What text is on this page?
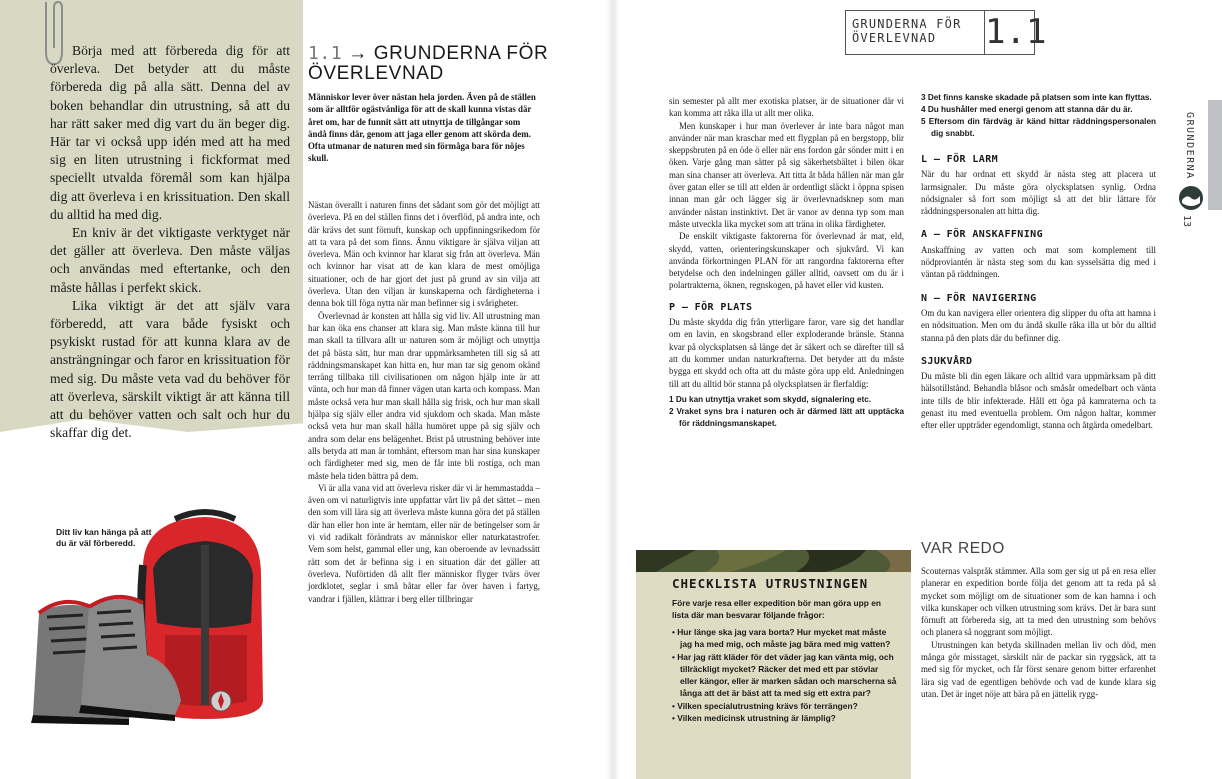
Börja med att förbereda dig för att överleva. Det betyder att du måste förbereda dig på alla sätt. Denna del av boken behandlar din utrustning, så att du har rätt saker med dig vart du än beger dig. Här tar vi också upp idén med att ha med sig en liten utrustning i fickformat med speciellt utvalda föremål som kan hjälpa dig att överleva i en krissituation. Den skall du alltid ha med dig.

En kniv är det viktigaste verktyget när det gäller att överleva. Den måste väljas och användas med eftertanke, och den måste hållas i perfekt skick.

Lika viktigt är det att själv vara förberedd, att vara både fysiskt och psykiskt rustad för att kunna klara av de ansträngningar och faror en krissituation för med sig. Du måste veta vad du behöver för att överleva, särskilt viktigt är att känna till att du behöver vatten och salt och hur du skaffar dig det.

Ditt liv kan hänga på att du är väl förberedd.
1.1 → GRUNDERNA FÖR
ÖVERLEVNAD
Människor lever över nästan hela jorden. Även på de ställen som är alltför ogästvänliga för att de skall kunna vistas där året om, har de funnit sätt att utnyttja de tillgångar som ändå finns där, genom att jaga eller genom att skörda dem. Ofta utmanar de naturen med sin förmåga bara för nöjes skull.

Nästan överallt i naturen finns det sådant som gör det möjligt att överleva. På en del ställen finns det i överflöd, på andra inte, och där krävs det sunt förnuft, kunskap och uppfinningsrikedom för att ta vara på det som finns. Ännu viktigare är själva viljan att överleva. Män och kvinnor har klarat sig från att överleva. Män och kvinnor har visat att de kan klara de mest omöjliga situationer, och de har gjort det just på grund av sin vilja att överleva. Utan den viljan är kunskaperna och färdigheterna i denna bok till föga nytta när man befinner sig i svårigheter.

Överlevnad är konsten att hålla sig vid liv. All utrustning man har kan öka ens chanser att klara sig. Man måste känna till hur man skall ta tillvara allt ur naturen som är möjligt och utnyttja det på bästa sätt, hur man drar uppmärksamheten till sig så att räddningsmanskapet kan hitta en, hur man tar sig genom okänd terräng tillbaka till civilisationen om någon hjälp inte är att vänta, och hur man då finner vägen utan karta och kompass. Man måste också veta hur man skall hålla sig frisk, och hur man skall hjälpa sig själv eller andra vid sjukdom och skada. Man måste också veta hur man skall hålla humöret uppe på sig själv och andra som delar ens belägenhet. Brist på utrustning behöver inte alls betyda att man är tomhänt, eftersom man har sina kunskaper och färdigheter med sig, men de får inte bli rostiga, och man måste hela tiden bättra på dem.

Vi är alla vana vid att överleva risker där vi är hemmastadda – även om vi naturligtvis inte uppfattar vårt liv på det sättet – men den som vill lära sig att överleva måste kunna göra det på ställen där han eller hon inte är hemtam, eller när de betingelser som är vi vid radikalt förändrats av människor eller naturkatastrofer. Vem som helst, gammal eller ung, kan oberoende av levnadssätt rätt som det är befinna sig i en situation där det gäller att överleva. Nuförtiden då allt fler människor flyger tvärs över jordklotet, seglar i små båtar eller far över haven i fartyg, vandrar i fjällen, klättrar i berg eller tillbringar

sin semester på allt mer exotiska platser, är de situationer där vi kan komma att råka illa ut allt mer olika.

Men kunskaper i hur man överlever är inte bara något man använder när man kraschar med ett flygplan på en bergstopp, blir skeppsbruten på en öde ö eller när ens fordon går sönder mitt i en öken. Varje gång man sätter på sig säkerhetsbältet i bilen ökar man sina chanser att överleva. Att titta åt båda hållen när man går över gatan eller se till att elden är ordentligt släckt i öppna spisen innan man går och lägger sig är överlevnadsknep som man använder nästan instinktivt. Det är vanor av denna typ som man måste utveckla lika mycket som att träna in olika färdigheter.

De enskilt viktigaste faktorerna för överlevnad är mat, eld, skydd, vatten, orienteringskunskaper och sjukvård. Vi kan använda förkortningen PLAN för att rangordna faktorerna efter betydelse och den indelningen gäller alltid, oavsett om du är i polartrakterna, öknen, regnskogen, på havet eller vid kusten.

P – FÖR PLATS

Du måste skydda dig från ytterligare faror, vare sig det handlar om en lavin, en skogsbrand eller exploderande bränsle. Stanna kvar på olycksplatsen så länge det är säkert och se därefter till så att du kommer undan naturkrafterna. Det betyder att du måste bygga ett skydd och ofta att du måste göra upp eld. Anledningen till att du alltid bör stanna på olycksplatsen är flerfaldig:

1 Du kan utnyttja vraket som skydd, signalering etc.
2 Vraket syns bra i naturen och är därmed lätt att upptäcka för räddningsmanskapet.
GRUNDERNA FÖR
ÖVERLEVNAD	1.1
GRUNDERNA
13
3 Det finns kanske skadade på platsen som inte kan flyttas.
4 Du hushåller med energi genom att stanna där du är.
5 Eftersom din färdväg är känd hittar räddningspersonalen dig snabbt.
L – FÖR LARM

När du har ordnat ett skydd är nästa steg att placera ut larmsignaler. Du måste göra olycksplatsen synlig. Ordna nödsignaler så fort som möjligt så att det blir lättare för räddningspersonalen att hitta dig.

A – FÖR ANSKAFFNING

Anskaffning av vatten och mat som komplement till nödproviantén är nästa steg som du kan sysselsätta dig med i väntan på räddningen.

N – FÖR NAVIGERING

Om du kan navigera eller orientera dig slipper du ofta att hamna i en nödsituation. Men om du ändå skulle råka illa ut bör du alltid stanna på den plats där du befinner dig.

SJUKVÅRD

Du måste bli din egen läkare och alltid vara uppmärksam på ditt hälsotillstånd. Behandla blåsor och småsår omedelbart och vänta inte tills de blir infekterade. Håll ett öga på kamraterna och ta genast itu med eventuella problem. Om någon haltar, kommer efter eller uppträder egendomligt, stanna och åtgärda omedelbart.

CHECKLISTA UTRUSTNINGEN
Före varje resa eller expedition bör man göra upp en lista där man besvarar följande frågor:
• Hur länge ska jag vara borta? Hur mycket mat måste jag ha med mig, och måste jag bära med mig vatten?
• Har jag rätt kläder för det väder jag kan vänta mig, och tillräckligt mycket? Räcker det med ett par stövlar eller kängor, eller är marken sådan och marscherna så långa att det är bäst att ta med sig ett extra par?
• Vilken specialutrustning krävs för terrängen?
• Vilken medicinsk utrustning är lämplig?
VAR REDO

Scouternas valspråk stämmer. Alla som ger sig ut på en resa eller planerar en expedition borde följa det genom att ta reda på så mycket som möjligt om de situationer som de kan hamna i och vilka kunskaper och vilken utrustning som krävs. Det är bara sunt förnuft att förbereda sig, att ta med den utrustning som behövs och planera så noggrant som möjligt.

Utrustningen kan betyda skillnaden mellan liv och död, men många gör misstaget, särskilt när de packar sin ryggsäck, att ta med sig för mycket, och får först senare genom bitter erfarenhet lära sig vad de egentligen behövde och vad de kunde klara sig utan. Det är inget nöje att bära på en jättelik rygg-
